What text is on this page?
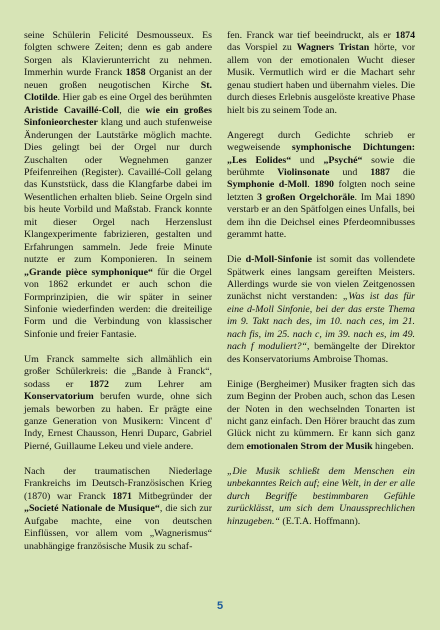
seine Schülerin Felicité Desmousseux. Es folgten schwere Zeiten; denn es gab andere Sorgen als Klavierunterricht zu nehmen. Immerhin wurde Franck 1858 Organist an der neuen großen neugotischen Kirche St. Clotilde. Hier gab es eine Orgel des berühmten Aristide Cavaillé-Coll, die wie ein großes Sinfonieorchester klang und auch stufenweise Änderungen der Lautstärke möglich machte. Dies gelingt bei der Orgel nur durch Zuschalten oder Wegnehmen ganzer Pfeifenreihen (Register). Cavaillé-Coll gelang das Kunststück, dass die Klangfarbe dabei im Wesentlichen erhalten blieb. Seine Orgeln sind bis heute Vorbild und Maßstab. Franck konnte mit dieser Orgel nach Herzenslust Klangexperimente fabrizieren, gestalten und Erfahrungen sammeln. Jede freie Minute nutzte er zum Komponieren. In seinem „Grande pièce symphonique“ für die Orgel von 1862 erkundet er auch schon die Formprinzipien, die wir später in seiner Sinfonie wiederfinden werden: die dreiteilige Form und die Verbindung von klassischer Sinfonie und freier Fantasie.

Um Franck sammelte sich allmählich ein großer Schülerkreis: die „Bande à Franck“, sodass er 1872 zum Lehrer am Konservatorium berufen wurde, ohne sich jemals beworben zu haben. Er prägte eine ganze Generation von Musikern: Vincent d' Indy, Ernest Chausson, Henri Duparc, Gabriel Pierné, Guillaume Lekeu und viele andere.

Nach der traumatischen Niederlage Frankreichs im Deutsch-Französischen Krieg (1870) war Franck 1871 Mitbegründer der „Societé Nationale de Musique“, die sich zur Aufgabe machte, eine von deutschen Einflüssen, vor allem vom „Wagnerismus“ unabhängige französische Musik zu schaf-

fen. Franck war tief beeindruckt, als er 1874 das Vorspiel zu Wagners Tristan hörte, vor allem von der emotionalen Wucht dieser Musik. Vermutlich wird er die Machart sehr genau studiert haben und übernahm vieles. Die durch dieses Erlebnis ausgelöste kreative Phase hielt bis zu seinem Tode an.

Angeregt durch Gedichte schrieb er wegweisende symphonische Dichtungen: „Les Eolides“ und „Psyché“ sowie die berühmte Violinsonate und 1887 die Symphonie d-Moll. 1890 folgten noch seine letzten 3 großen Orgelchoräle. Im Mai 1890 verstarb er an den Spätfolgen eines Unfalls, bei dem ihn die Deichsel eines Pferdeomnibusses gerammt hatte.

Die d-Moll-Sinfonie ist somit das vollendete Spätwerk eines langsam gereiften Meisters. Allerdings wurde sie von vielen Zeitgenossen zunächst nicht verstanden: „Was ist das für eine d-Moll Sinfonie, bei der das erste Thema im 9. Takt nach des, im 10. nach ces, im 21. nach fis, im 25. nach c, im 39. nach es, im 49. nach f moduliert?“, bemängelte der Direktor des Konservatoriums Ambroise Thomas.

Einige (Bergheimer) Musiker fragten sich das zum Beginn der Proben auch, schon das Lesen der Noten in den wechselnden Tonarten ist nicht ganz einfach. Den Hörer braucht das zum Glück nicht zu kümmern. Er kann sich ganz dem emotionalen Strom der Musik hingeben.

„Die Musik schließt dem Menschen ein unbekanntes Reich auf; eine Welt, in der er alle durch Begriffe bestimmbaren Gefühle zurücklässt, um sich dem Unaussprechlichen hinzugeben.“ (E.T.A. Hoffmann).

5
